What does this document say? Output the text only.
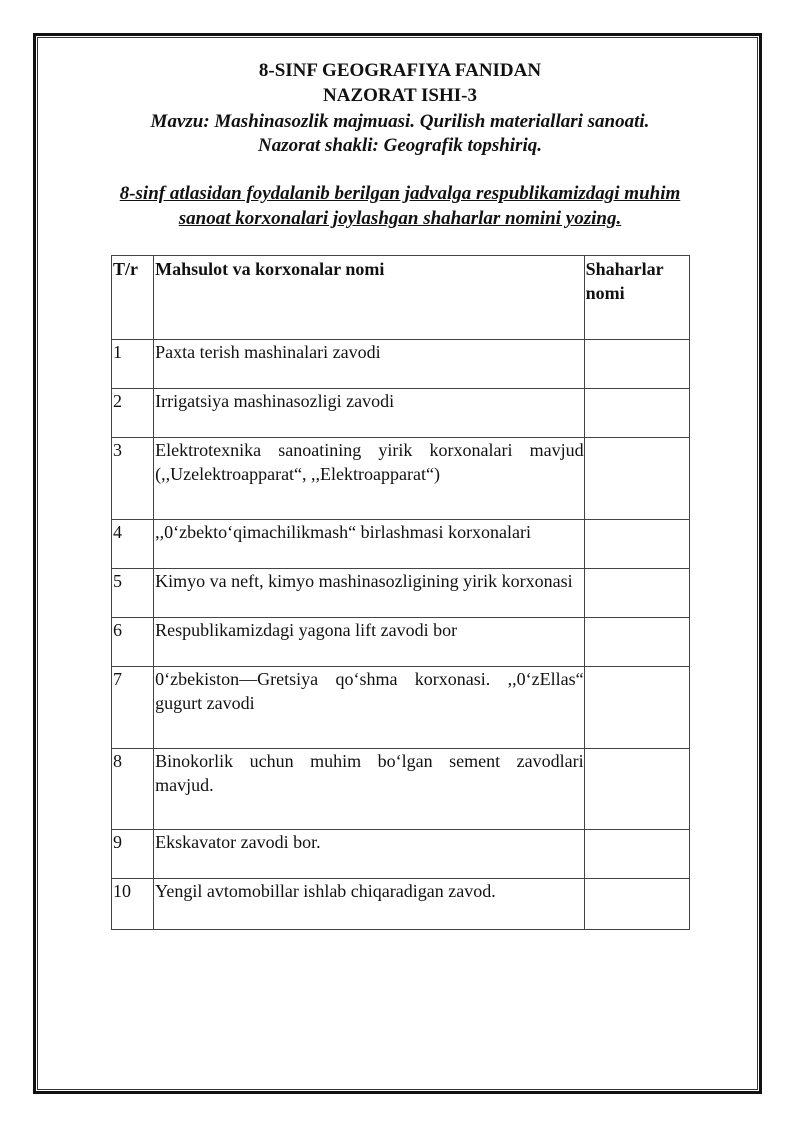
8-SINF GEOGRAFIYA FANIDAN
NAZORAT ISHI-3
Mavzu: Mashinasozlik majmuasi. Qurilish materiallari sanoati.
Nazorat shakli: Geografik topshiriq.
8-sinf atlasidan foydalanib berilgan jadvalga respublikamizdagi muhim
sanoat korxonalari joylashgan shaharlar nomini yozing.
T/r	Mahsulot va korxonalar nomi	Shaharlar nomi
1	Paxta terish mashinalari zavodi	

2	Irrigatsiya mashinasozligi zavodi	

3	Elektrotexnika sanoatining yirik korxonalari mavjud (,,Uzelektroapparat“, ,,Elektroapparat“)	

4	,,0‘zbekto‘qimachilikmash“ birlashmasi korxonalari	

5	Kimyo va neft, kimyo mashinasozligining yirik korxonasi	

6	Respublikamizdagi yagona lift zavodi bor	

7	0‘zbekiston—Gretsiya qo‘shma korxonasi. ,,0‘zEllas“ gugurt zavodi	

8	Binokorlik uchun muhim bo‘lgan sement zavodlari mavjud.	

9	Ekskavator zavodi bor.	

10	Yengil avtomobillar ishlab chiqaradigan zavod.	
